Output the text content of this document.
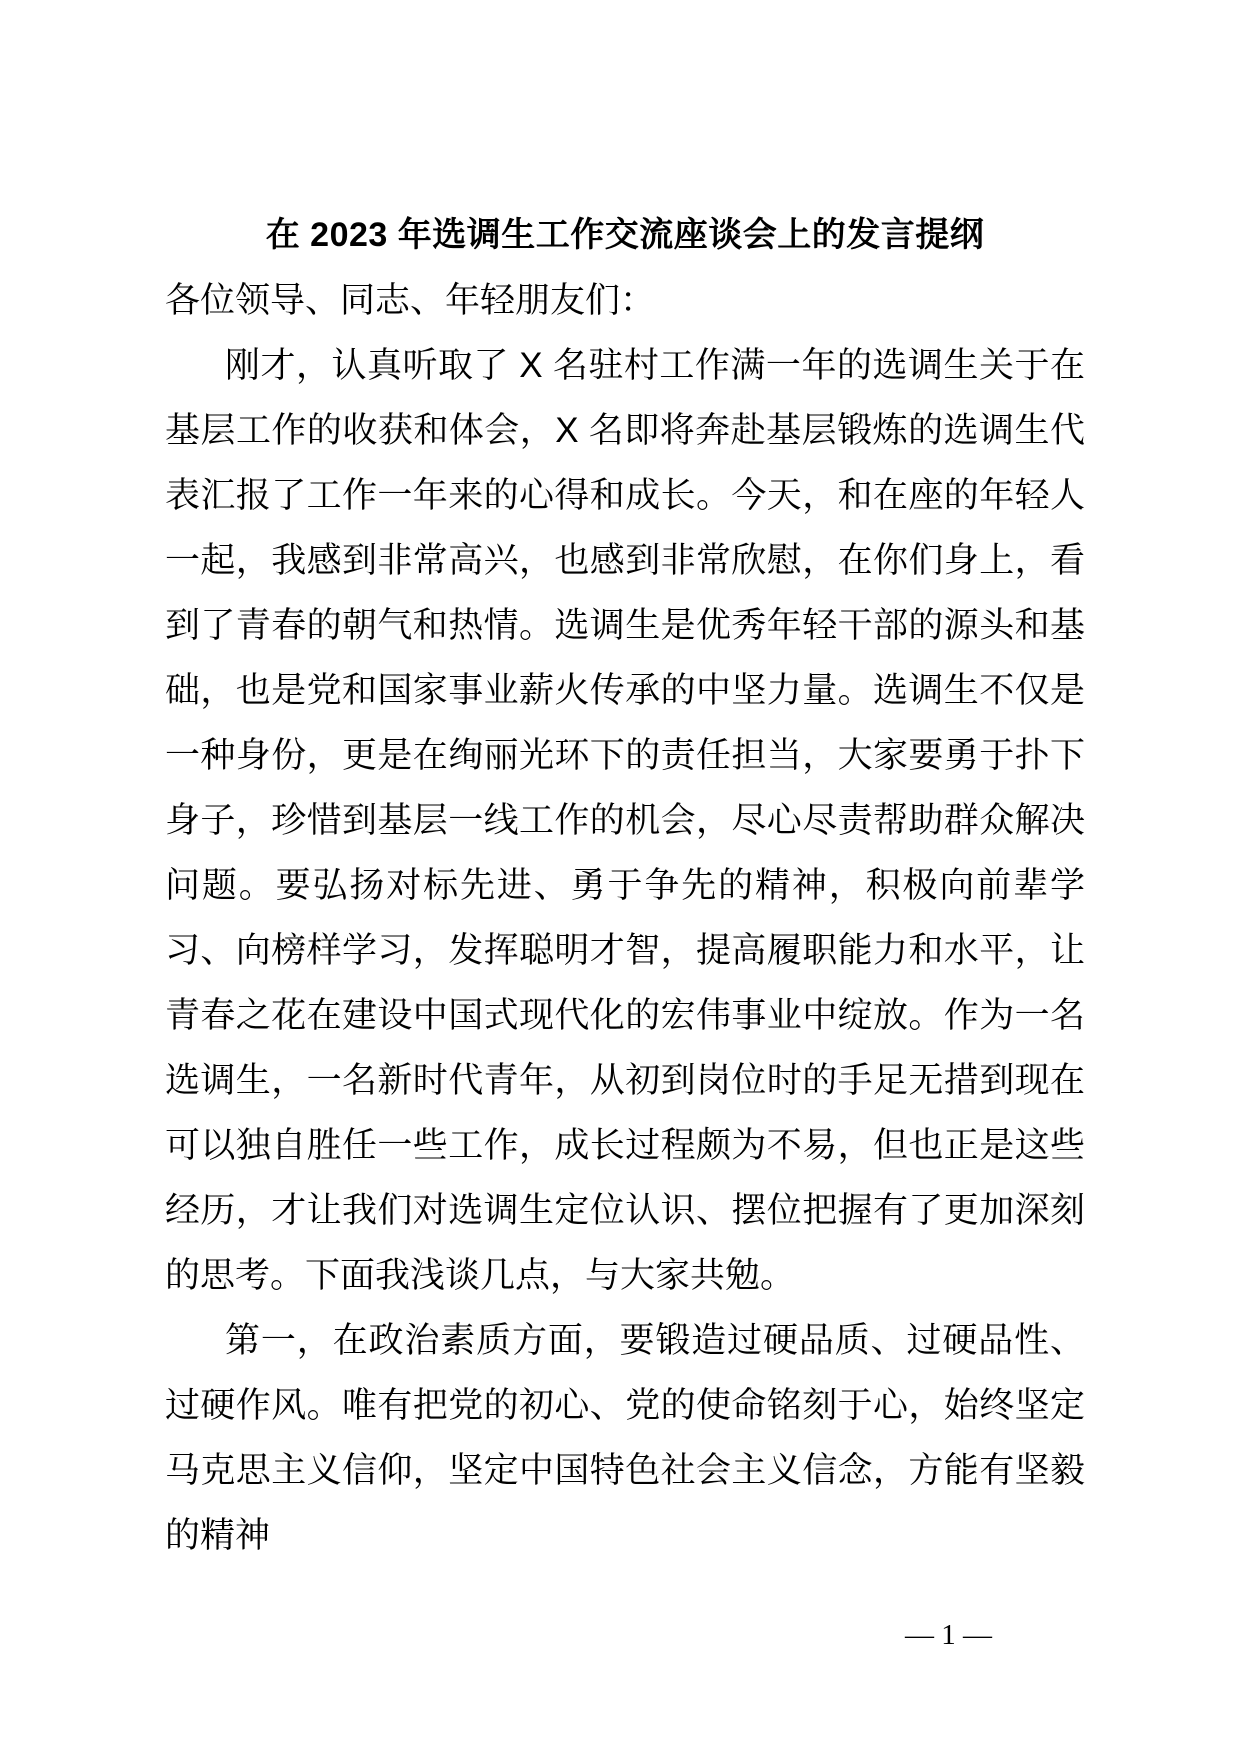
在 2023 年选调生工作交流座谈会上的发言提纲

各位领导、同志、年轻朋友们：

刚才，认真听取了 X 名驻村工作满一年的选调生关于在基层工作的收获和体会，X 名即将奔赴基层锻炼的选调生代表汇报了工作一年来的心得和成长。今天，和在座的年轻人一起，我感到非常高兴，也感到非常欣慰，在你们身上，看到了青春的朝气和热情。选调生是优秀年轻干部的源头和基础，也是党和国家事业薪火传承的中坚力量。选调生不仅是一种身份，更是在绚丽光环下的责任担当，大家要勇于扑下身子，珍惜到基层一线工作的机会，尽心尽责帮助群众解决问题。要弘扬对标先进、勇于争先的精神，积极向前辈学习、向榜样学习，发挥聪明才智，提高履职能力和水平，让青春之花在建设中国式现代化的宏伟事业中绽放。作为一名选调生，一名新时代青年，从初到岗位时的手足无措到现在可以独自胜任一些工作，成长过程颇为不易，但也正是这些经历，才让我们对选调生定位认识、摆位把握有了更加深刻的思考。下面我浅谈几点，与大家共勉。

第一，在政治素质方面，要锻造过硬品质、过硬品性、过硬作风。唯有把党的初心、党的使命铭刻于心，始终坚定马克思主义信仰，坚定中国特色社会主义信念，方能有坚毅的精神

— 1 —
